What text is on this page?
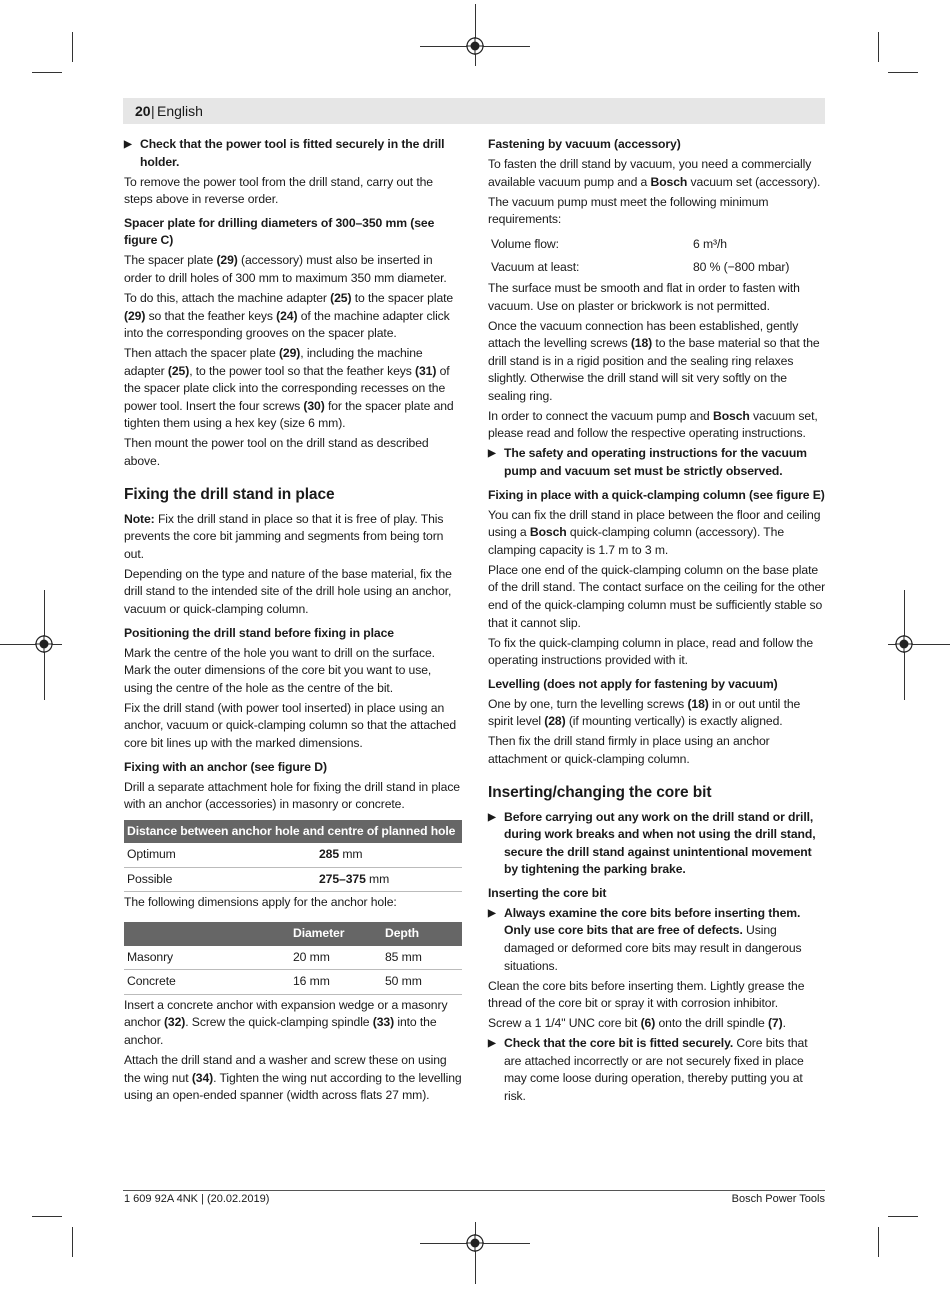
20 | English

▶ Check that the power tool is fitted securely in the drill holder.

To remove the power tool from the drill stand, carry out the steps above in reverse order.

Spacer plate for drilling diameters of 300–350 mm (see figure C)

The spacer plate (29) (accessory) must also be inserted in order to drill holes of 300 mm to maximum 350 mm diameter.

To do this, attach the machine adapter (25) to the spacer plate (29) so that the feather keys (24) of the machine adapter click into the corresponding grooves on the spacer plate.

Then attach the spacer plate (29), including the machine adapter (25), to the power tool so that the feather keys (31) of the spacer plate click into the corresponding recesses on the power tool. Insert the four screws (30) for the spacer plate and tighten them using a hex key (size 6 mm).

Then mount the power tool on the drill stand as described above.

Fixing the drill stand in place

Note: Fix the drill stand in place so that it is free of play. This prevents the core bit jamming and segments from being torn out.

Depending on the type and nature of the base material, fix the drill stand to the intended site of the drill hole using an anchor, vacuum or quick-clamping column.

Positioning the drill stand before fixing in place

Mark the centre of the hole you want to drill on the surface. Mark the outer dimensions of the core bit you want to use, using the centre of the hole as the centre of the bit.

Fix the drill stand (with power tool inserted) in place using an anchor, vacuum or quick-clamping column so that the attached core bit lines up with the marked dimensions.

Fixing with an anchor (see figure D)

Drill a separate attachment hole for fixing the drill stand in place with an anchor (accessories) in masonry or concrete.

Distance between anchor hole and centre of planned hole	
Optimum	285 mm
Possible	275–375 mm

The following dimensions apply for the anchor hole:

	Diameter	Depth
Masonry	20 mm	85 mm
Concrete	16 mm	50 mm

Insert a concrete anchor with expansion wedge or a masonry anchor (32). Screw the quick-clamping spindle (33) into the anchor.

Attach the drill stand and a washer and screw these on using the wing nut (34). Tighten the wing nut according to the levelling using an open-ended spanner (width across flats 27 mm).

Fastening by vacuum (accessory)

To fasten the drill stand by vacuum, you need a commercially available vacuum pump and a Bosch vacuum set (accessory).

The vacuum pump must meet the following minimum requirements:

Volume flow:	6 m³/h
Vacuum at least:	80 % (−800 mbar)

The surface must be smooth and flat in order to fasten with vacuum. Use on plaster or brickwork is not permitted.

Once the vacuum connection has been established, gently attach the levelling screws (18) to the base material so that the drill stand is in a rigid position and the sealing ring relaxes slightly. Otherwise the drill stand will sit very softly on the sealing ring.

In order to connect the vacuum pump and Bosch vacuum set, please read and follow the respective operating instructions.

▶ The safety and operating instructions for the vacuum pump and vacuum set must be strictly observed.

Fixing in place with a quick-clamping column (see figure E)

You can fix the drill stand in place between the floor and ceiling using a Bosch quick-clamping column (accessory). The clamping capacity is 1.7 m to 3 m.

Place one end of the quick-clamping column on the base plate of the drill stand. The contact surface on the ceiling for the other end of the quick-clamping column must be sufficiently stable so that it cannot slip.

To fix the quick-clamping column in place, read and follow the operating instructions provided with it.

Levelling (does not apply for fastening by vacuum)

One by one, turn the levelling screws (18) in or out until the spirit level (28) (if mounting vertically) is exactly aligned.

Then fix the drill stand firmly in place using an anchor attachment or quick-clamping column.

Inserting/changing the core bit

▶ Before carrying out any work on the drill stand or drill, during work breaks and when not using the drill stand, secure the drill stand against unintentional movement by tightening the parking brake.

Inserting the core bit

▶ Always examine the core bits before inserting them. Only use core bits that are free of defects. Using damaged or deformed core bits may result in dangerous situations.

Clean the core bits before inserting them. Lightly grease the thread of the core bit or spray it with corrosion inhibitor.

Screw a 1 1/4" UNC core bit (6) onto the drill spindle (7).

▶ Check that the core bit is fitted securely. Core bits that are attached incorrectly or are not securely fixed in place may come loose during operation, thereby putting you at risk.

1 609 92A 4NK | (20.02.2019)	Bosch Power Tools
